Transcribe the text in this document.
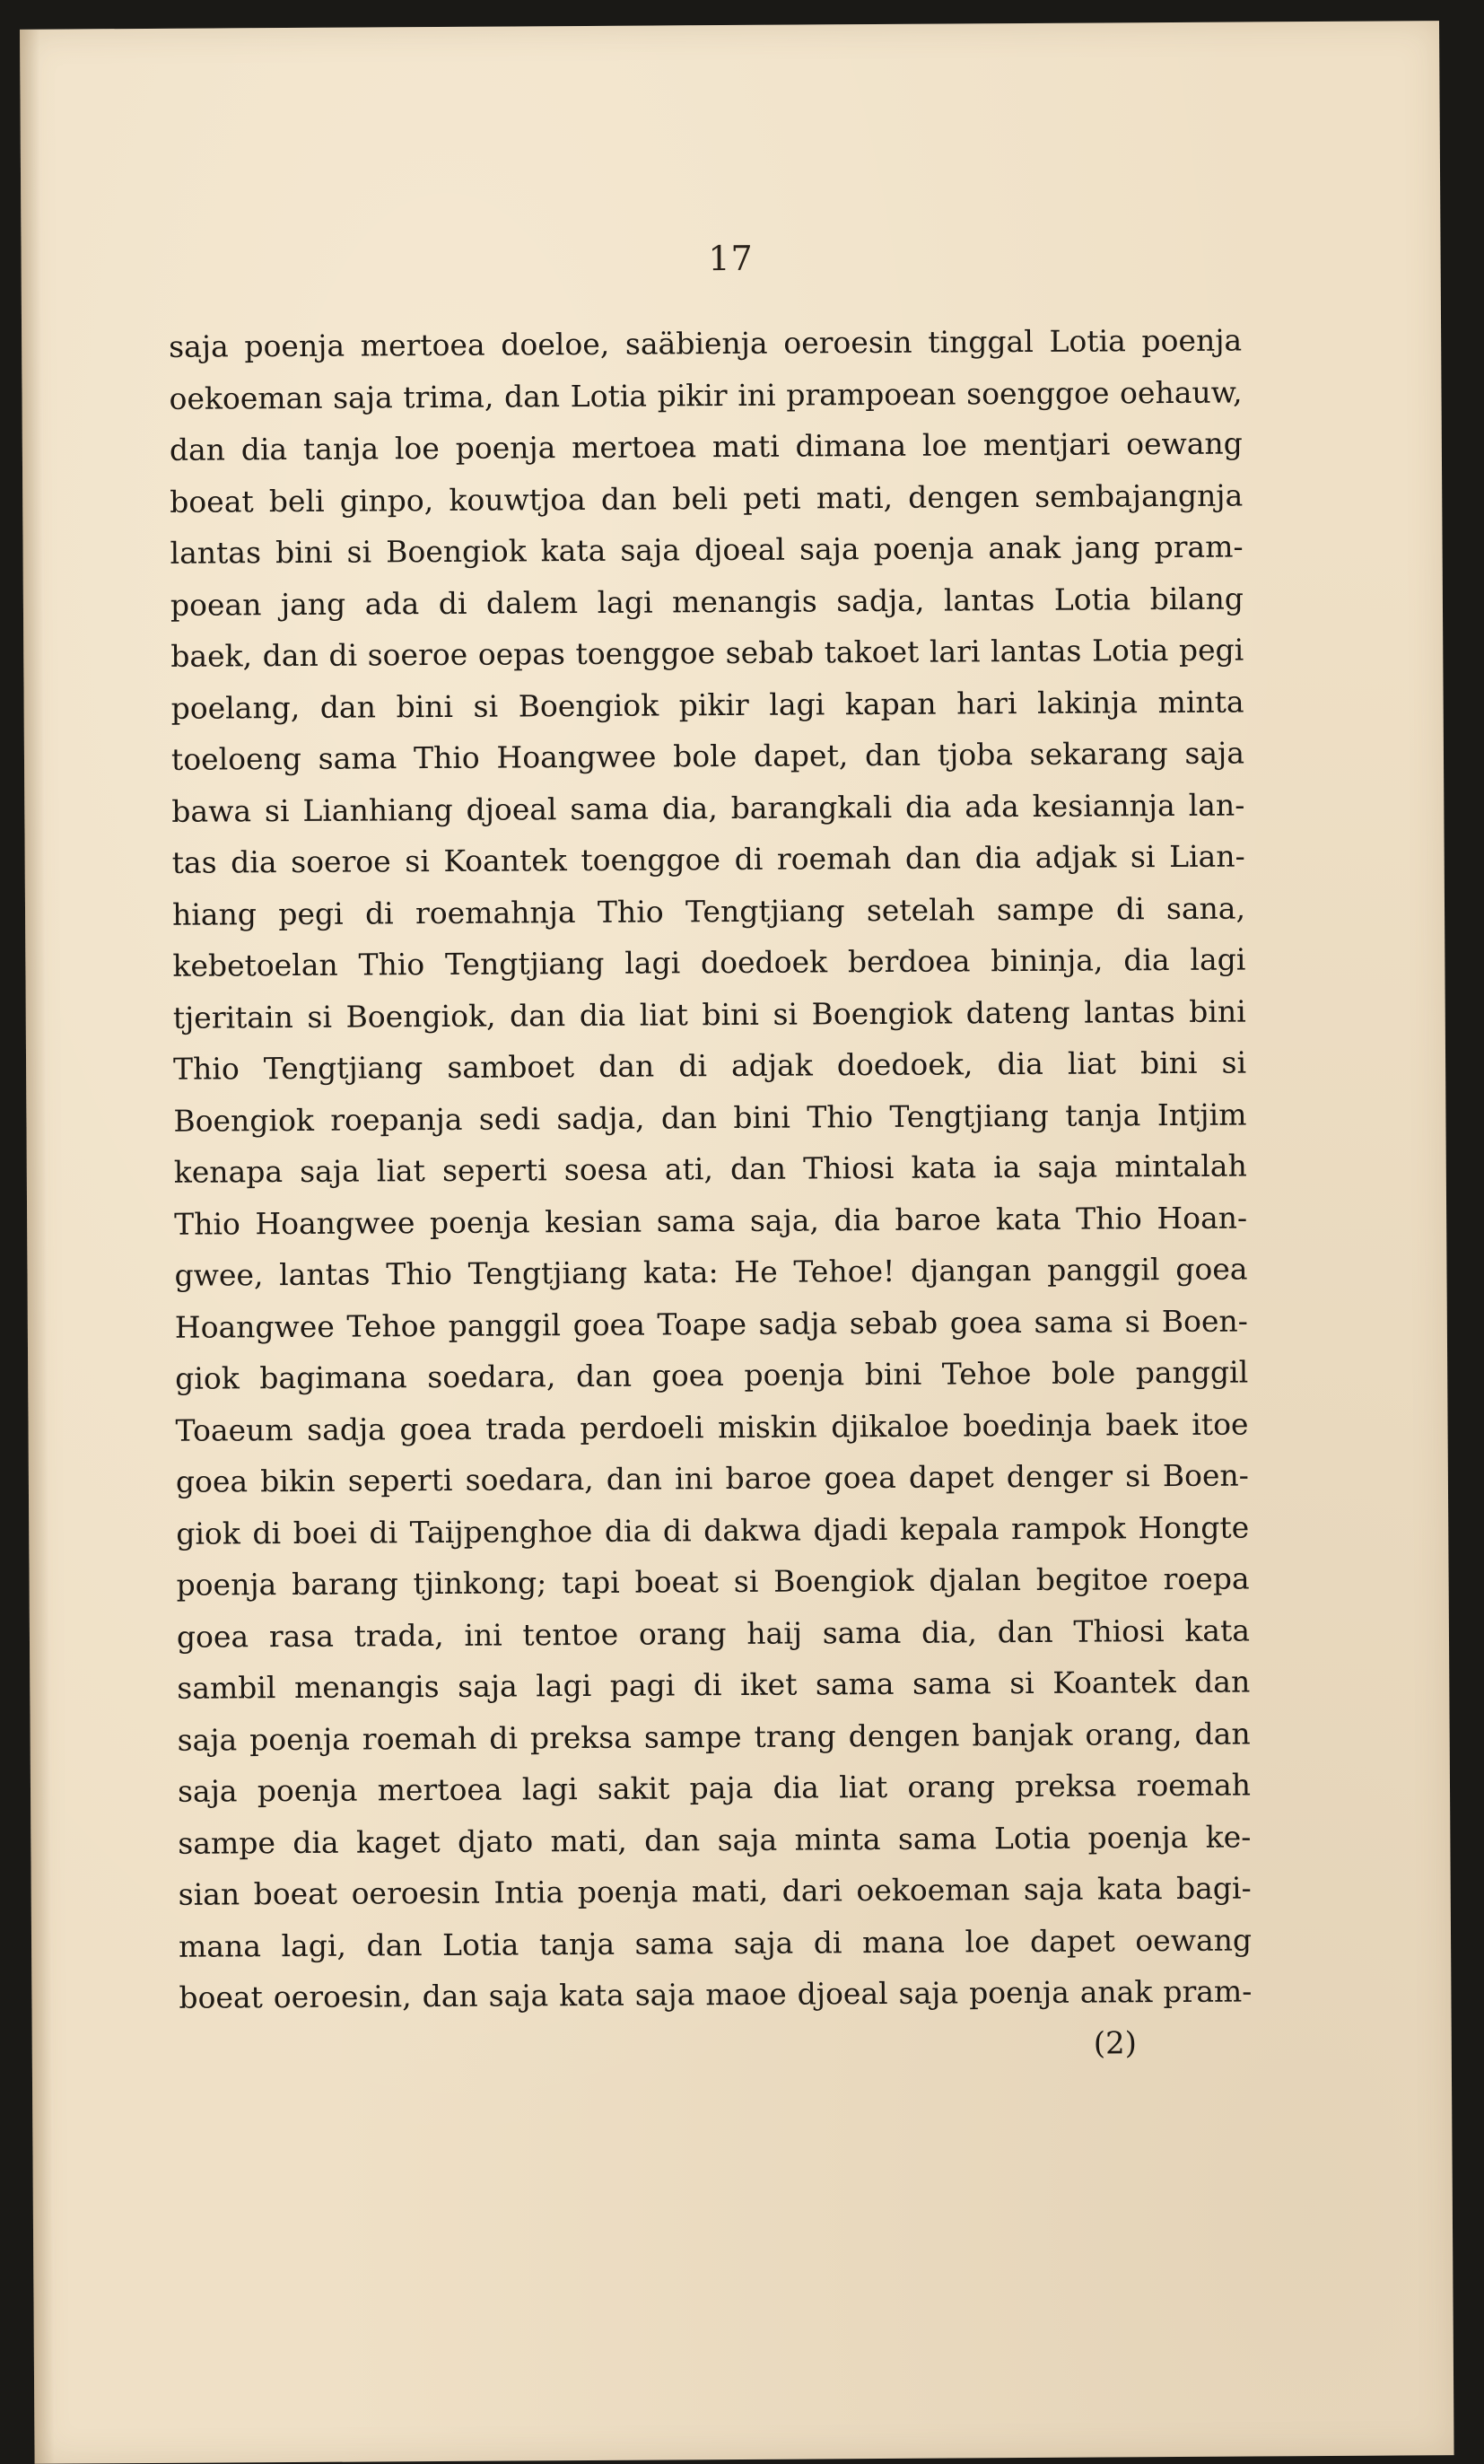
17
saja poenja mertoea doeloe, saäbienja oeroesin tinggal Lotia poenja
oekoeman saja trima, dan Lotia pikir ini prampoean soenggoe oehauw,
dan dia tanja loe poenja mertoea mati dimana loe mentjari oewang
boeat beli ginpo, kouwtjoa dan beli peti mati, dengen sembajangnja
lantas bini si Boengiok kata saja djoeal saja poenja anak jang pram-
poean jang ada di dalem lagi menangis sadja, lantas Lotia bilang
baek, dan di soeroe oepas toenggoe sebab takoet lari lantas Lotia pegi
poelang, dan bini si Boengiok pikir lagi kapan hari lakinja minta
toeloeng sama Thio Hoangwee bole dapet, dan tjoba sekarang saja
bawa si Lianhiang djoeal sama dia, barangkali dia ada kesiannja lan-
tas dia soeroe si Koantek toenggoe di roemah dan dia adjak si Lian-
hiang pegi di roemahnja Thio Tengtjiang setelah sampe di sana,
kebetoelan Thio Tengtjiang lagi doedoek berdoea bininja, dia lagi
tjeritain si Boengiok, dan dia liat bini si Boengiok dateng lantas bini
Thio Tengtjiang samboet dan di adjak doedoek, dia liat bini si
Boengiok roepanja sedi sadja, dan bini Thio Tengtjiang tanja Intjim
kenapa saja liat seperti soesa ati, dan Thiosi kata ia saja mintalah
Thio Hoangwee poenja kesian sama saja, dia baroe kata Thio Hoan-
gwee, lantas Thio Tengtjiang kata: He Tehoe! djangan panggil goea
Hoangwee Tehoe panggil goea Toape sadja sebab goea sama si Boen-
giok bagimana soedara, dan goea poenja bini Tehoe bole panggil
Toaeum sadja goea trada perdoeli miskin djikaloe boedinja baek itoe
goea bikin seperti soedara, dan ini baroe goea dapet denger si Boen-
giok di boei di Taijpenghoe dia di dakwa djadi kepala rampok Hongte
poenja barang tjinkong; tapi boeat si Boengiok djalan begitoe roepa
goea rasa trada, ini tentoe orang haij sama dia, dan Thiosi kata
sambil menangis saja lagi pagi di iket sama sama si Koantek dan
saja poenja roemah di preksa sampe trang dengen banjak orang, dan
saja poenja mertoea lagi sakit paja dia liat orang preksa roemah
sampe dia kaget djato mati, dan saja minta sama Lotia poenja ke-
sian boeat oeroesin Intia poenja mati, dari oekoeman saja kata bagi-
mana lagi, dan Lotia tanja sama saja di mana loe dapet oewang
boeat oeroesin, dan saja kata saja maoe djoeal saja poenja anak pram-
(2)
